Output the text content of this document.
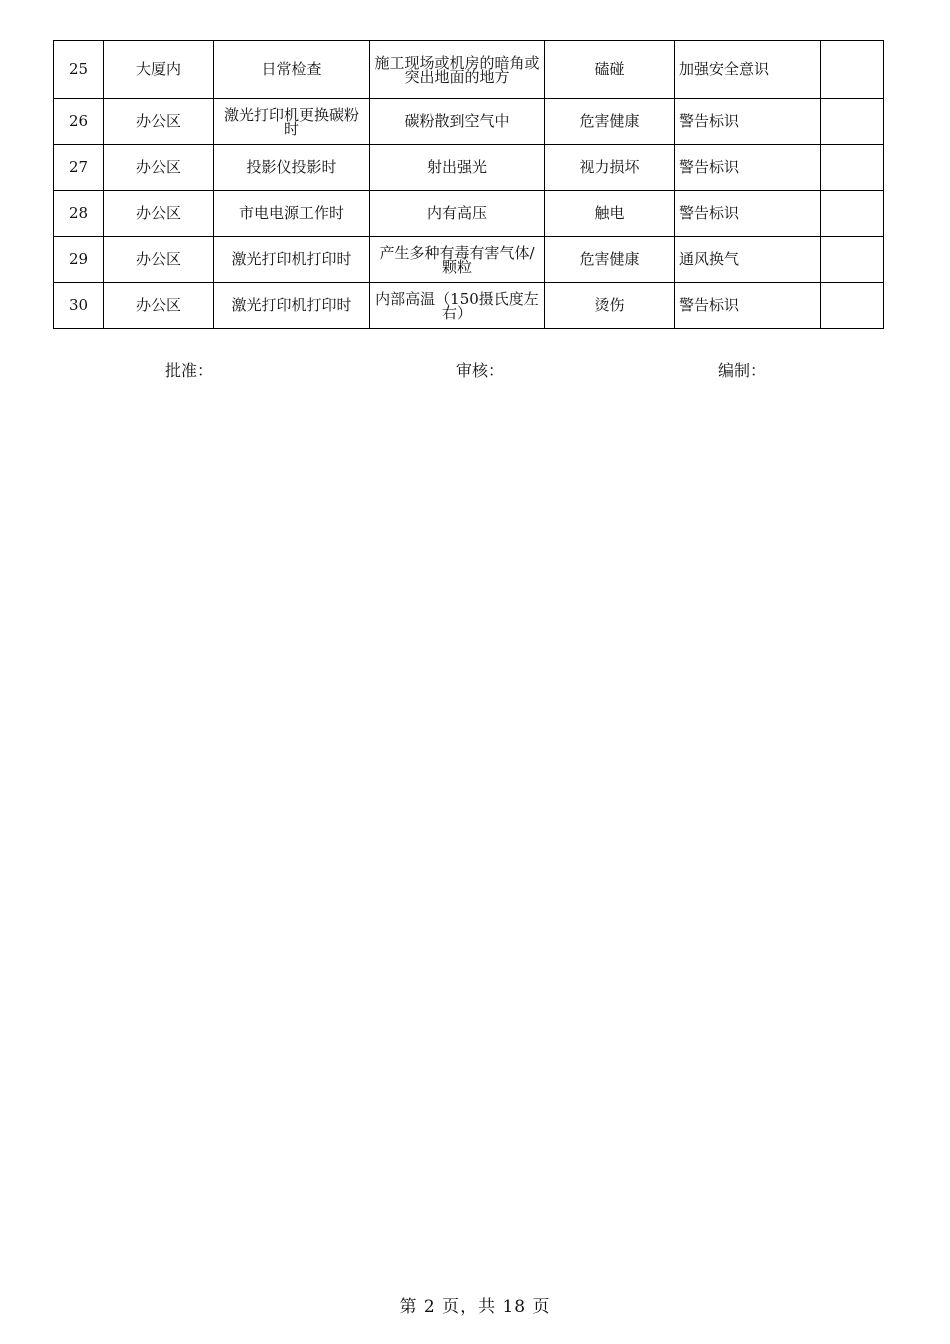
25	大厦内	日常检查	施工现场或机房的暗角或突出地面的地方	磕碰	加强安全意识	
26	办公区	激光打印机更换碳粉时	碳粉散到空气中	危害健康	警告标识	
27	办公区	投影仪投影时	射出强光	视力损坏	警告标识	
28	办公区	市电电源工作时	内有高压	触电	警告标识	
29	办公区	激光打印机打印时	产生多种有毒有害气体/颗粒	危害健康	通风换气	
30	办公区	激光打印机打印时	内部高温（150摄氏度左右）	烫伤	警告标识	
批准：	审核：	编制：
第 2 页，共 18 页
